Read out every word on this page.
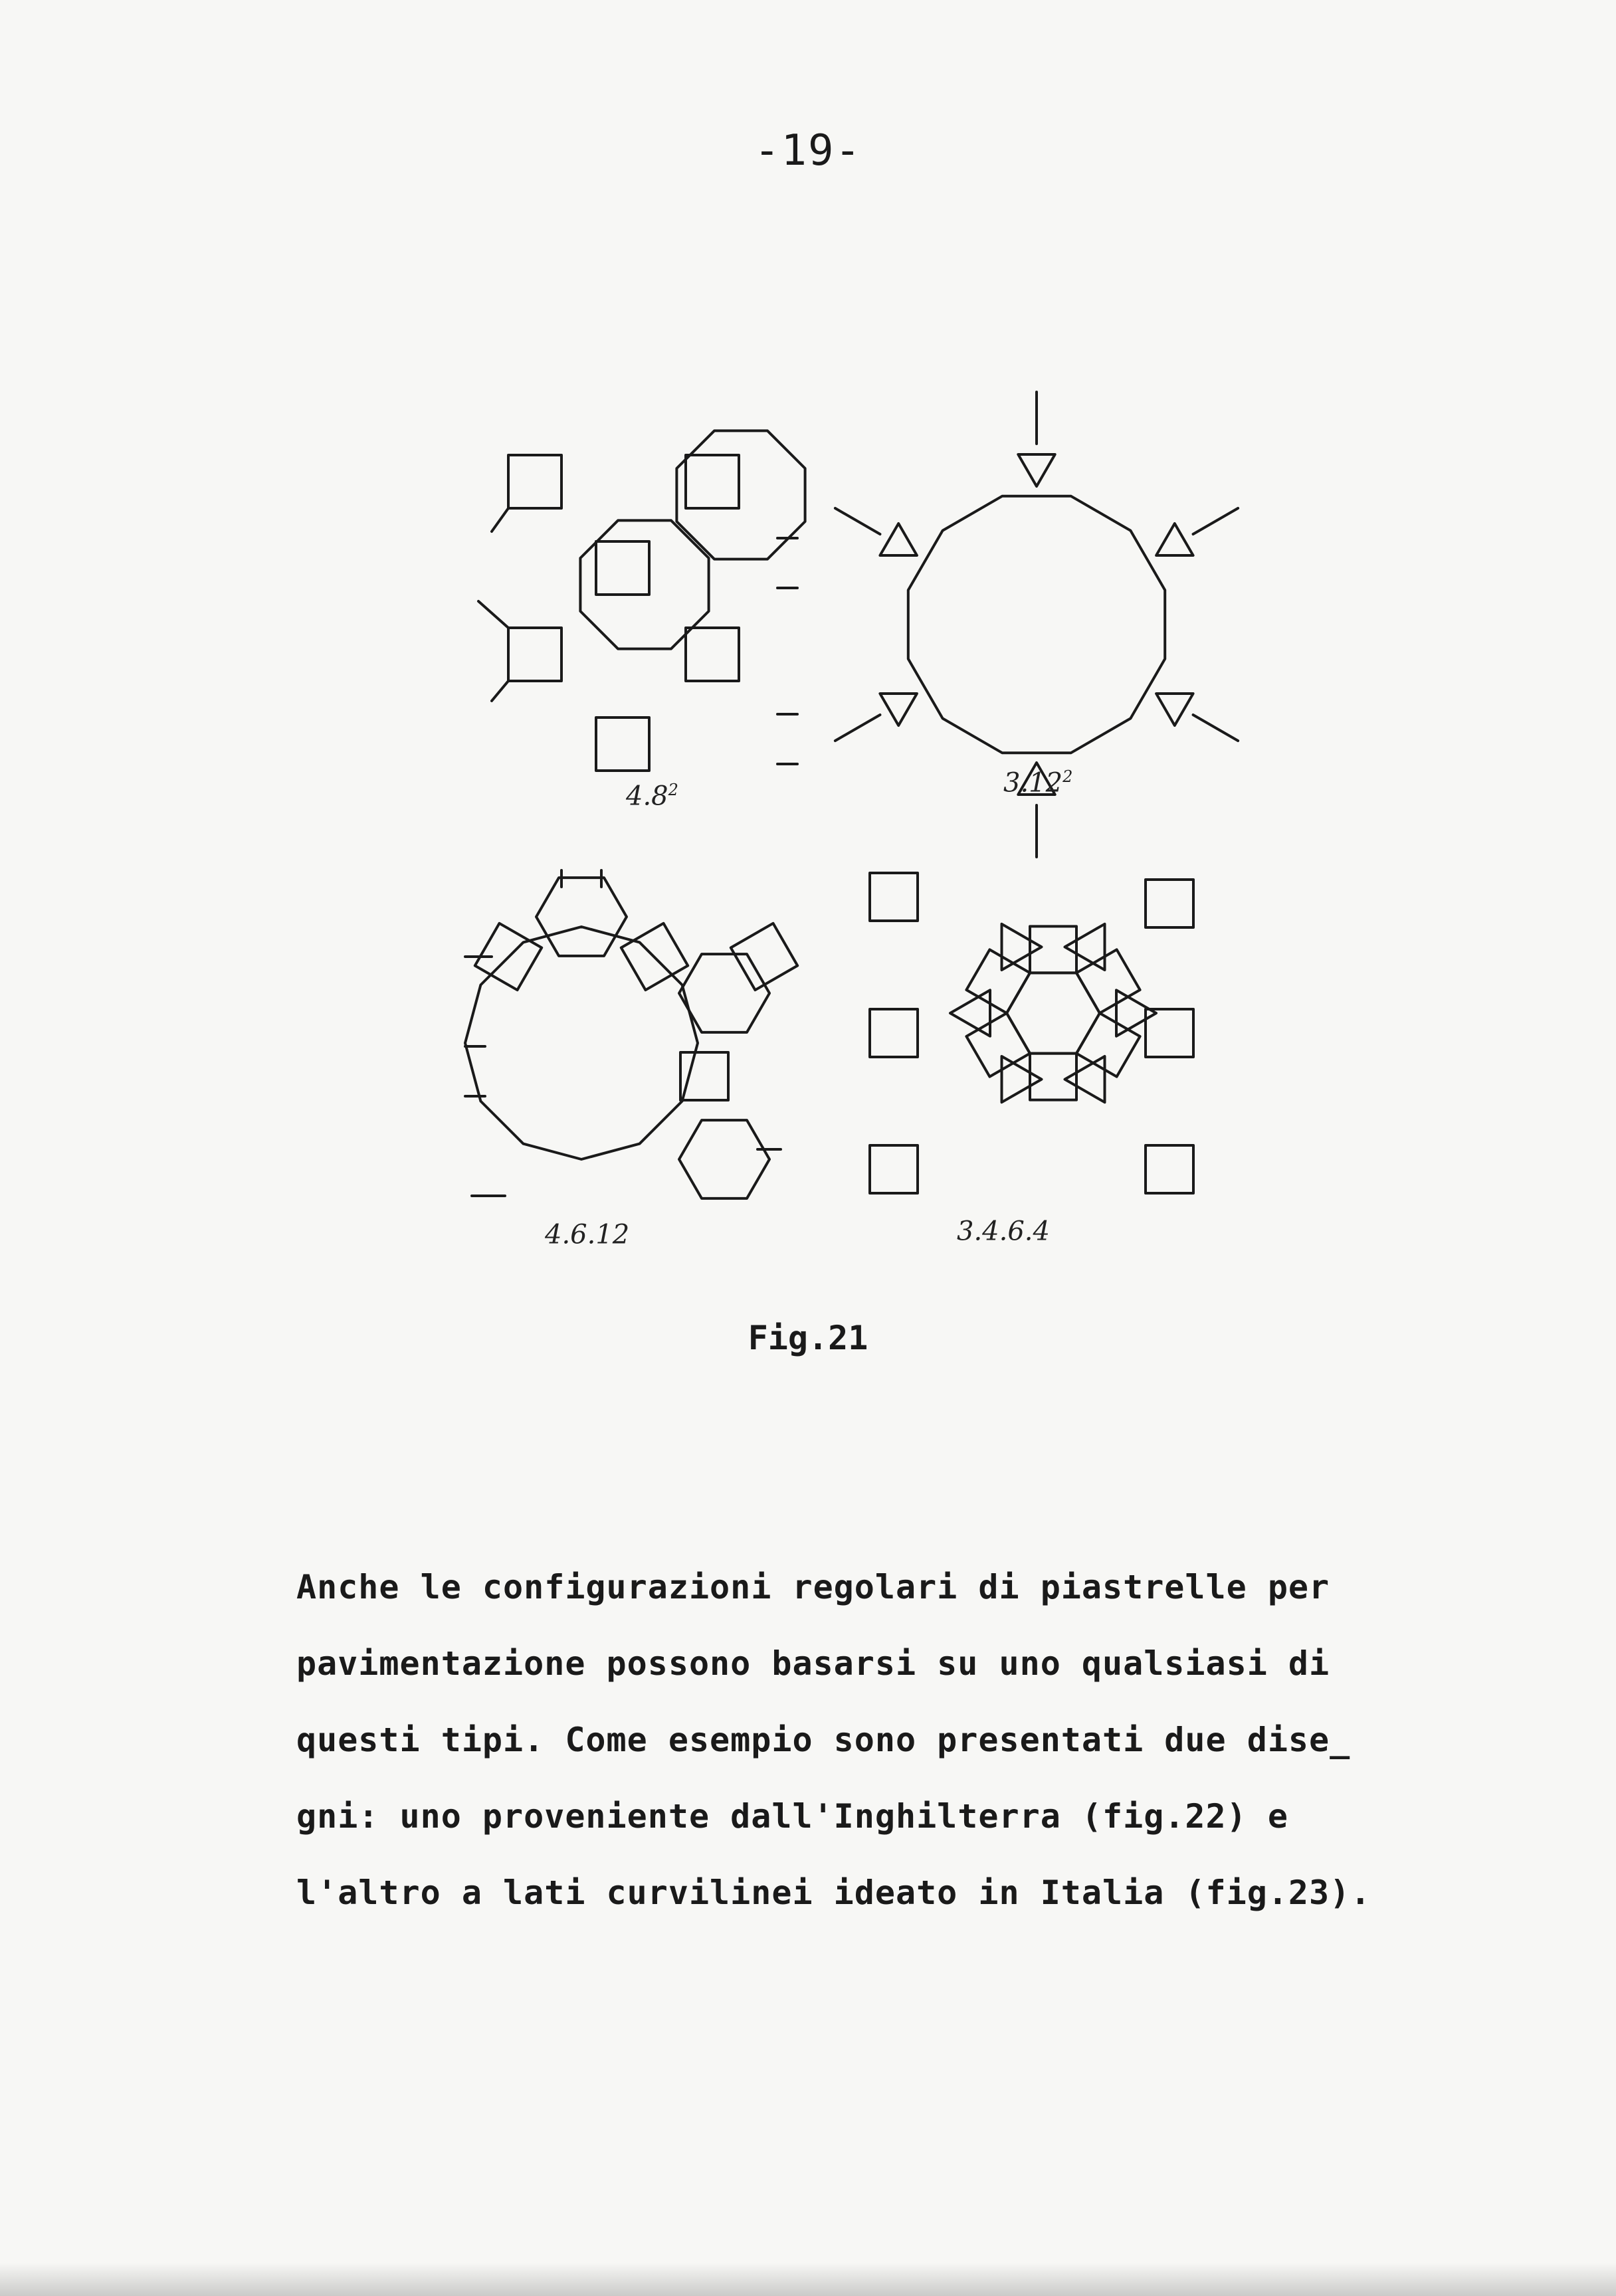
-19-
$4.8^2$	3.12$^2$
4.6.12	3.4.6.4
Fig.21

Anche le configurazioni regolari di piastrelle per
pavimentazione possono basarsi su uno qualsiasi di
questi tipi. Come esempio sono presentati due dise_
gni: uno proveniente dall'Inghilterra (fig.22) e
l'altro a lati curvilinei ideato in Italia (fig.23).
